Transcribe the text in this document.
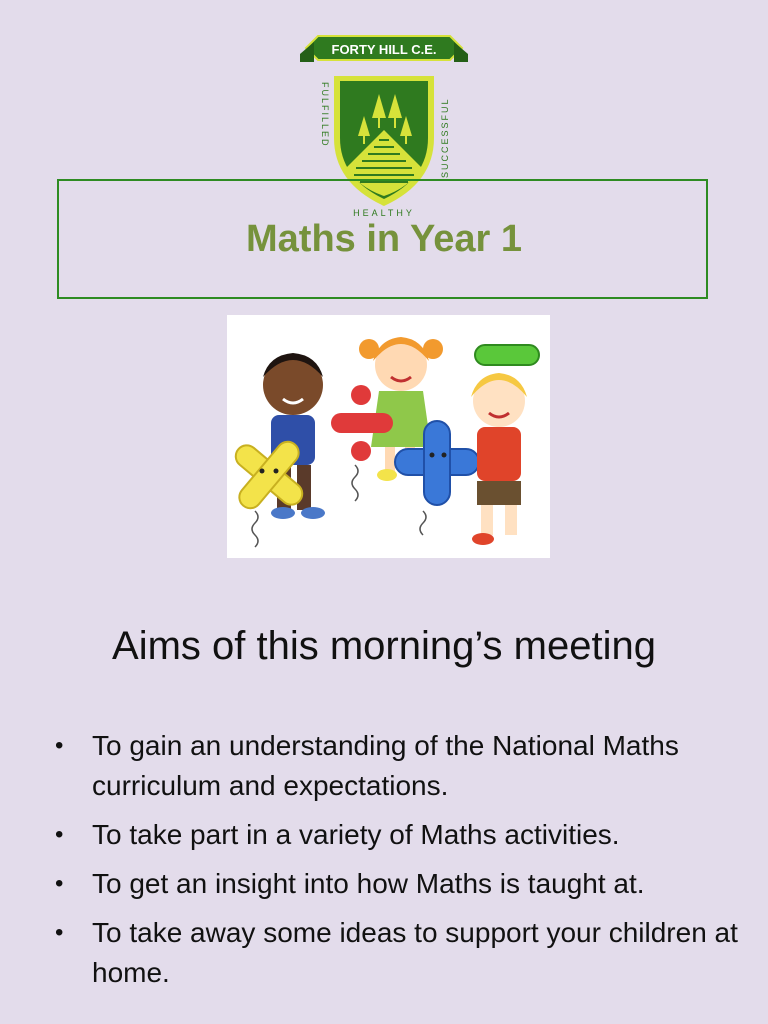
FORTY HILL C.E.
FULFILLED	SUCCESSFUL
HEALTHY
Maths in Year 1
Aims of this morning’s meeting
• To gain an understanding of the National Maths curriculum and expectations.
• To take part in a variety of Maths activities.
• To get an insight into how Maths is taught at.
• To take away some ideas to support your children at home.
